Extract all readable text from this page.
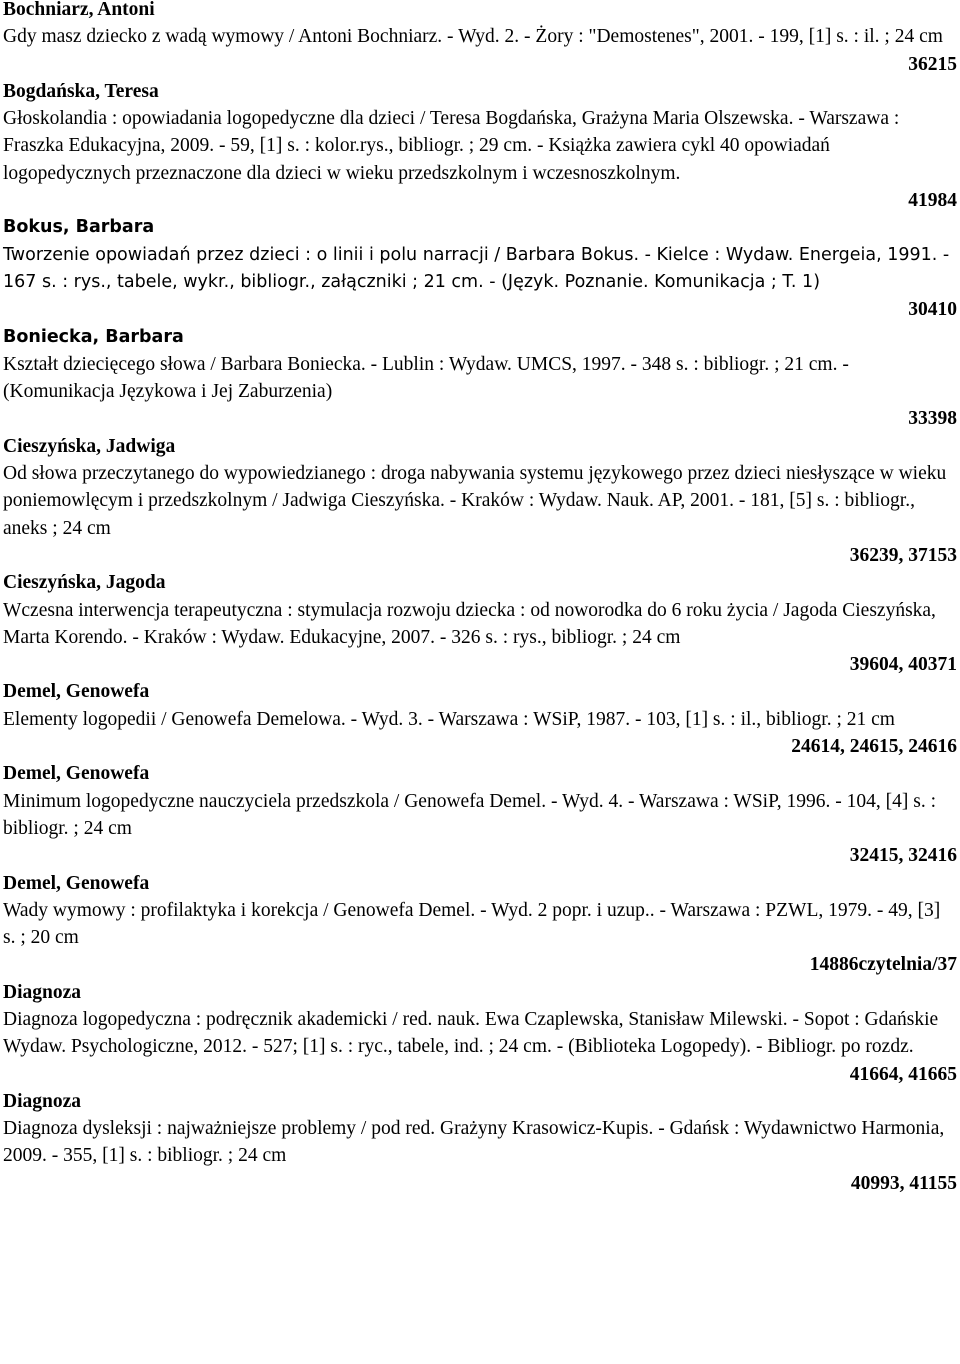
Bochniarz, Antoni
Gdy masz dziecko z wadą wymowy / Antoni Bochniarz. - Wyd. 2. - Żory : "Demostenes", 2001. - 199, [1] s. : il. ; 24 cm
36215
Bogdańska, Teresa
Głoskolandia : opowiadania logopedyczne dla dzieci / Teresa Bogdańska, Grażyna Maria Olszewska. - Warszawa : Fraszka Edukacyjna, 2009. - 59, [1] s. : kolor.rys., bibliogr. ; 29 cm. - Książka zawiera cykl 40 opowiadań logopedycznych przeznaczone dla dzieci w wieku przedszkolnym i wczesnoszkolnym.
41984
Bokus, Barbara
Tworzenie opowiadań przez dzieci : o linii i polu narracji / Barbara Bokus. - Kielce : Wydaw. Energeia, 1991. - 167 s. : rys., tabele, wykr., bibliogr., załączniki ; 21 cm. - (Język. Poznanie. Komunikacja ; T. 1)
30410
Boniecka, Barbara
Kształt dziecięcego słowa / Barbara Boniecka. - Lublin : Wydaw. UMCS, 1997. - 348 s. : bibliogr. ; 21 cm. - (Komunikacja Językowa i Jej Zaburzenia)
33398
Cieszyńska, Jadwiga
Od słowa przeczytanego do wypowiedzianego : droga nabywania systemu językowego przez dzieci niesłyszące w wieku poniemowlęcym i przedszkolnym / Jadwiga Cieszyńska. - Kraków : Wydaw. Nauk. AP, 2001. - 181, [5] s. : bibliogr., aneks ; 24 cm
36239, 37153
Cieszyńska, Jagoda
Wczesna interwencja terapeutyczna : stymulacja rozwoju dziecka : od noworodka do 6 roku życia / Jagoda Cieszyńska, Marta Korendo. - Kraków : Wydaw. Edukacyjne, 2007. - 326 s. : rys., bibliogr. ; 24 cm
39604, 40371
Demel, Genowefa
Elementy logopedii / Genowefa Demelowa. - Wyd. 3. - Warszawa : WSiP, 1987. - 103, [1] s. : il., bibliogr. ; 21 cm
24614, 24615, 24616
Demel, Genowefa
Minimum logopedyczne nauczyciela przedszkola / Genowefa Demel. - Wyd. 4. - Warszawa : WSiP, 1996. - 104, [4] s. : bibliogr. ; 24 cm
32415, 32416
Demel, Genowefa
Wady wymowy : profilaktyka i korekcja / Genowefa Demel. - Wyd. 2 popr. i uzup.. - Warszawa : PZWL, 1979. - 49, [3] s. ; 20 cm
14886czytelnia/37
Diagnoza
Diagnoza logopedyczna : podręcznik akademicki / red. nauk. Ewa Czaplewska, Stanisław Milewski. - Sopot : Gdańskie Wydaw. Psychologiczne, 2012. - 527; [1] s. : ryc., tabele, ind. ; 24 cm. - (Biblioteka Logopedy). - Bibliogr. po rozdz.
41664, 41665
Diagnoza
Diagnoza dysleksji : najważniejsze problemy / pod red. Grażyny Krasowicz-Kupis. - Gdańsk : Wydawnictwo Harmonia, 2009. - 355, [1] s. : bibliogr. ; 24 cm
40993, 41155
